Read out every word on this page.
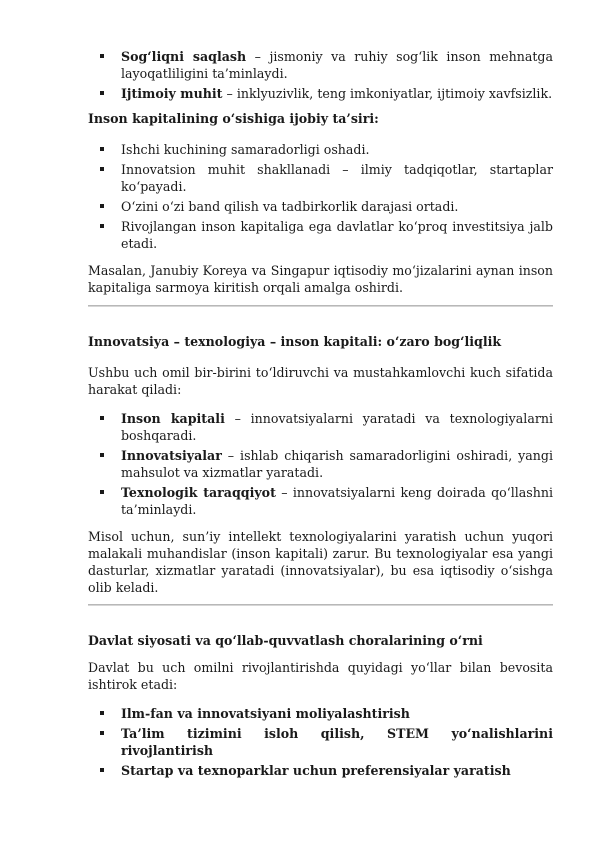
Sog‘liqni saqlash – jismoniy va ruhiy sog‘lik inson mehnatga layoqatliligini ta’minlaydi.
Ijtimoiy muhit – inklyuzivlik, teng imkoniyatlar, ijtimoiy xavfsizlik.
Inson kapitalining o‘sishiga ijobiy ta’siri:
Ishchi kuchining samaradorligi oshadi.
Innovatsion muhit shakllanadi – ilmiy tadqiqotlar, startaplar ko‘payadi.
O‘zini o‘zi band qilish va tadbirkorlik darajasi ortadi.
Rivojlangan inson kapitaliga ega davlatlar ko‘proq investitsiya jalb etadi.

Masalan, Janubiy Koreya va Singapur iqtisodiy mo‘jizalarini aynan inson kapitaliga sarmoya kiritish orqali amalga oshirdi.

Innovatsiya – texnologiya – inson kapitali: o‘zaro bog‘liqlik

Ushbu uch omil bir-birini to‘ldiruvchi va mustahkamlovchi kuch sifatida harakat qiladi:

Inson kapitali – innovatsiyalarni yaratadi va texnologiyalarni boshqaradi.
Innovatsiyalar – ishlab chiqarish samaradorligini oshiradi, yangi mahsulot va xizmatlar yaratadi.
Texnologik taraqqiyot – innovatsiyalarni keng doirada qo‘llashni ta’minlaydi.

Misol uchun, sun’iy intellekt texnologiyalarini yaratish uchun yuqori malakali muhandislar (inson kapitali) zarur. Bu texnologiyalar esa yangi dasturlar, xizmatlar yaratadi (innovatsiyalar), bu esa iqtisodiy o‘sishga olib keladi.

Davlat siyosati va qo‘llab-quvvatlash choralarining o‘rni

Davlat bu uch omilni rivojlantirishda quyidagi yo‘llar bilan bevosita ishtirok etadi:

Ilm-fan va innovatsiyani moliyalashtirish
Ta’lim tizimini isloh qilish, STEM yo‘nalishlarini rivojlantirish
Startap va texnoparklar uchun preferensiyalar yaratish
